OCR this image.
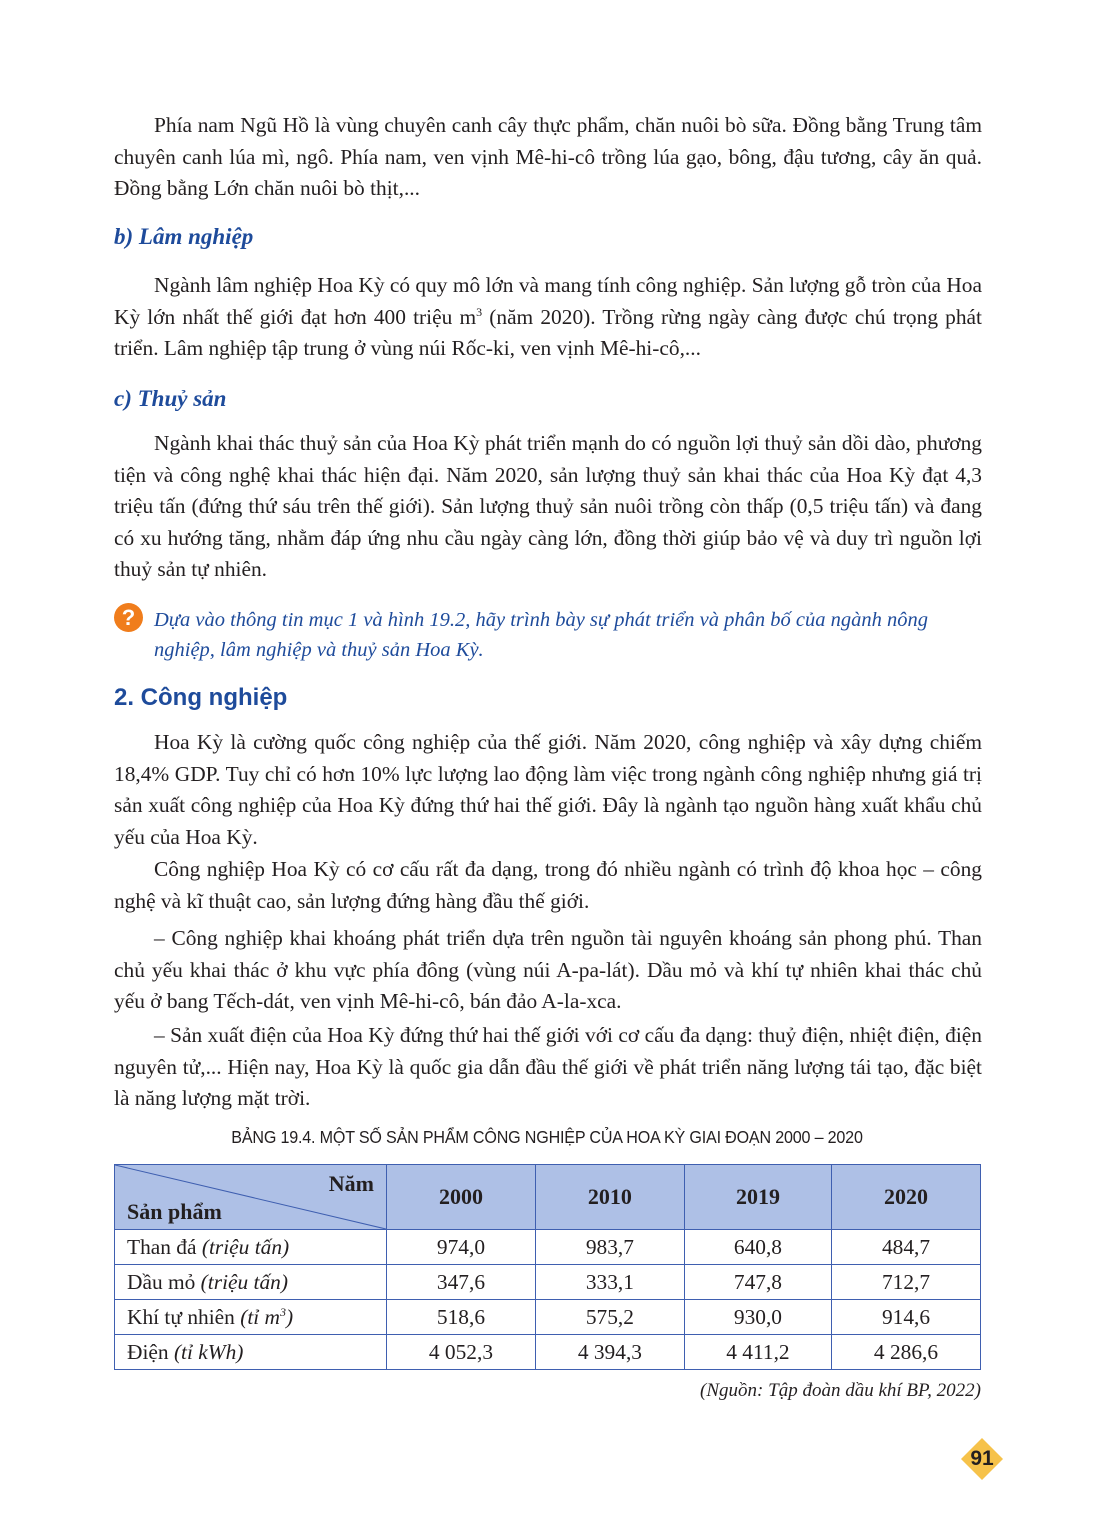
Phía nam Ngũ Hồ là vùng chuyên canh cây thực phẩm, chăn nuôi bò sữa. Đồng bằng Trung tâm chuyên canh lúa mì, ngô. Phía nam, ven vịnh Mê-hi-cô trồng lúa gạo, bông, đậu tương, cây ăn quả. Đồng bằng Lớn chăn nuôi bò thịt,...

b) Lâm nghiệp

Ngành lâm nghiệp Hoa Kỳ có quy mô lớn và mang tính công nghiệp. Sản lượng gỗ tròn của Hoa Kỳ lớn nhất thế giới đạt hơn 400 triệu $m^3$ (năm 2020). Trồng rừng ngày càng được chú trọng phát triển. Lâm nghiệp tập trung ở vùng núi Rốc-ki, ven vịnh Mê-hi-cô,...

c) Thuỷ sản

Ngành khai thác thuỷ sản của Hoa Kỳ phát triển mạnh do có nguồn lợi thuỷ sản dồi dào, phương tiện và công nghệ khai thác hiện đại. Năm 2020, sản lượng thuỷ sản khai thác của Hoa Kỳ đạt 4,3 triệu tấn (đứng thứ sáu trên thế giới). Sản lượng thuỷ sản nuôi trồng còn thấp (0,5 triệu tấn) và đang có xu hướng tăng, nhằm đáp ứng nhu cầu ngày càng lớn, đồng thời giúp bảo vệ và duy trì nguồn lợi thuỷ sản tự nhiên.

? Dựa vào thông tin mục 1 và hình 19.2, hãy trình bày sự phát triển và phân bố của ngành nông nghiệp, lâm nghiệp và thuỷ sản Hoa Kỳ.

2. Công nghiệp

Hoa Kỳ là cường quốc công nghiệp của thế giới. Năm 2020, công nghiệp và xây dựng chiếm 18,4% GDP. Tuy chỉ có hơn 10% lực lượng lao động làm việc trong ngành công nghiệp nhưng giá trị sản xuất công nghiệp của Hoa Kỳ đứng thứ hai thế giới. Đây là ngành tạo nguồn hàng xuất khẩu chủ yếu của Hoa Kỳ.

Công nghiệp Hoa Kỳ có cơ cấu rất đa dạng, trong đó nhiều ngành có trình độ khoa học – công nghệ và kĩ thuật cao, sản lượng đứng hàng đầu thế giới.

– Công nghiệp khai khoáng phát triển dựa trên nguồn tài nguyên khoáng sản phong phú. Than chủ yếu khai thác ở khu vực phía đông (vùng núi A-pa-lát). Dầu mỏ và khí tự nhiên khai thác chủ yếu ở bang Tếch-dát, ven vịnh Mê-hi-cô, bán đảo A-la-xca.

– Sản xuất điện của Hoa Kỳ đứng thứ hai thế giới với cơ cấu đa dạng: thuỷ điện, nhiệt điện, điện nguyên tử,... Hiện nay, Hoa Kỳ là quốc gia dẫn đầu thế giới về phát triển năng lượng tái tạo, đặc biệt là năng lượng mặt trời.

BẢNG 19.4. MỘT SỐ SẢN PHẨM CÔNG NGHIỆP CỦA HOA KỲ GIAI ĐOẠN 2000 – 2020

Năm
Sản phẩm	2000	2010	2019	2020
Than đá (triệu tấn)	974,0	983,7	640,8	484,7
Dầu mỏ (triệu tấn)	347,6	333,1	747,8	712,7
Khí tự nhiên (tỉ $m^3$)	518,6	575,2	930,0	914,6
Điện (tỉ kWh)	4 052,3	4 394,3	4 411,2	4 286,6

(Nguồn: Tập đoàn dầu khí BP, 2022)

91
